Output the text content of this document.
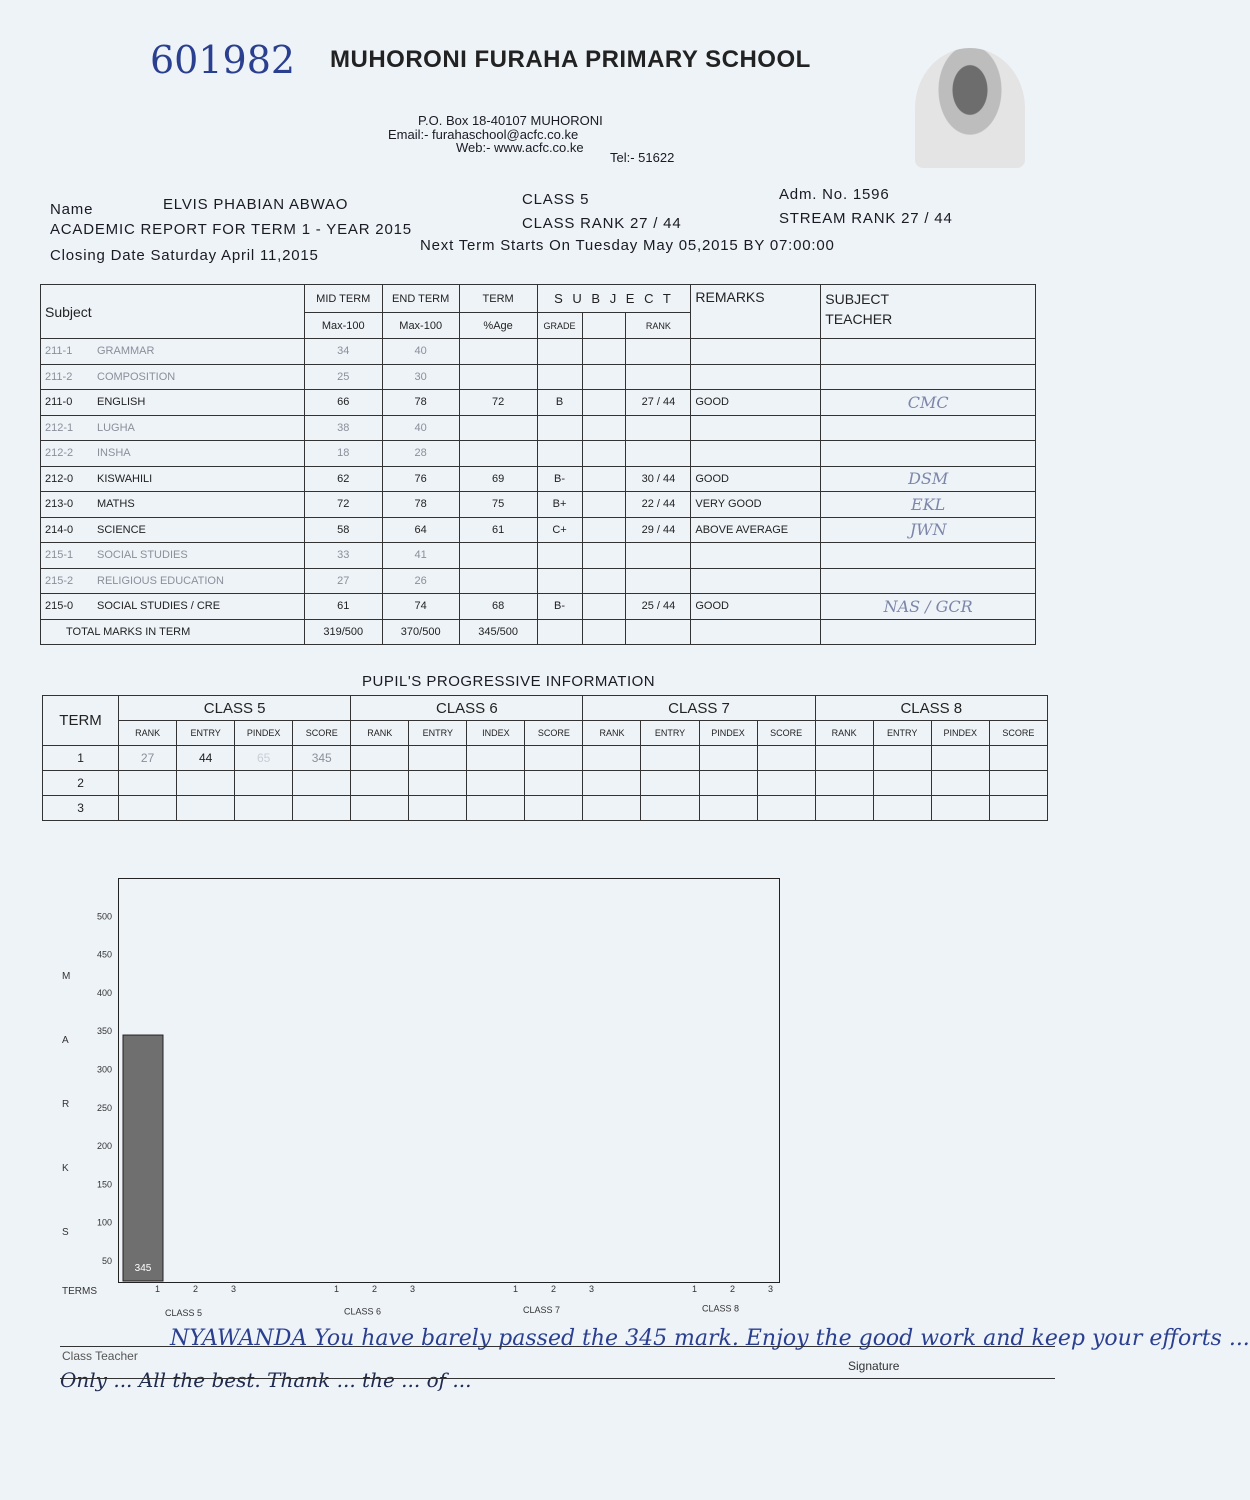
601982 MUHORONI FURAHA PRIMARY SCHOOL
P.O. Box 18-40107 MUHORONI
Email:- furahaschool@acfc.co.ke
Web:- www.acfc.co.ke
Tel:- 51622
Name	ELVIS PHABIAN ABWAO
ACADEMIC REPORT FOR TERM 1 - YEAR 2015
Closing Date Saturday April 11,2015
CLASS 5
CLASS RANK 27 / 44
Adm. No. 1596
STREAM RANK 27 / 44
Next Term Starts On Tuesday May 05,2015 BY 07:00:00
Subject	MID TERM	END TERM	TERM	S U B J E C T			REMARKS	SUBJECT
TEACHER
	Max-100	Max-100	%Age	GRADE		RANK		
211-1 GRAMMAR	34	40						
211-2 COMPOSITION	25	30						
211-0 ENGLISH	66	78	72	B		27 / 44	GOOD	CMC
212-1 LUGHA	38	40						
212-2 INSHA	18	28						
212-0 KISWAHILI	62	76	69	B-		30 / 44	GOOD	DSM
213-0 MATHS	72	78	75	B+		22 / 44	VERY GOOD	EKL
214-0 SCIENCE	58	64	61	C+		29 / 44	ABOVE AVERAGE	JWN
215-1 SOCIAL STUDIES	33	41						
215-2 RELIGIOUS EDUCATION	27	26						
215-0 SOCIAL STUDIES / CRE	61	74	68	B-		25 / 44	GOOD	NAS / GCR
TOTAL MARKS IN TERM	319/500	370/500	345/500					
PUPIL'S PROGRESSIVE INFORMATION
TERM	CLASS 5				CLASS 6				CLASS 7				CLASS 8			
	RANK	ENTRY	PINDEX	SCORE	RANK	ENTRY	INDEX	SCORE	RANK	ENTRY	PINDEX	SCORE	RANK	ENTRY	PINDEX	SCORE
1	27	44	65	345												
2																
3																
50
100
150
200
250
300
350
400
450
500
M
A
R
K
S
TERMS	1	2	3
CLASS 5
1	2	3
CLASS 6
1	2	3
CLASS 7
1	2	3
CLASS 8
345
Class Teacher
NYAWANDA You have barely passed the 345 mark. Enjoy the good work and keep your efforts ...
Only ... All the best. Thank ... the ... of ...
Signature
